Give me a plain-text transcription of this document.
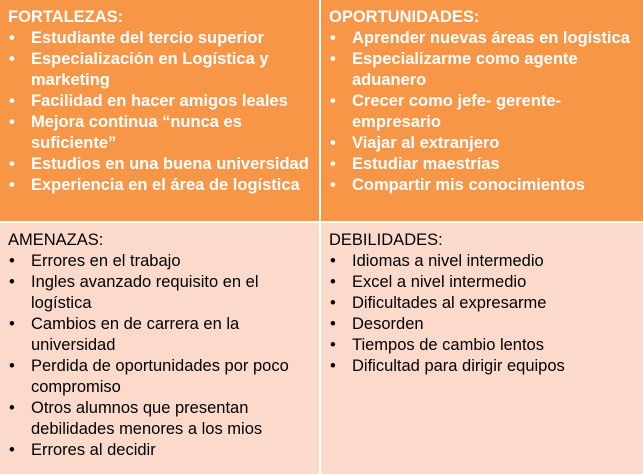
FORTALEZAS:

• Estudiante del tercio superior
• Especialización en Logística y marketing
• Facilidad en hacer amigos leales
• Mejora continua “nunca es suficiente”
• Estudios en una buena universidad
• Experiencia en el área de logística

OPORTUNIDADES:

• Aprender nuevas áreas en logística
• Especializarme como agente aduanero
• Crecer como jefe- gerente-empresario
• Viajar al extranjero
• Estudiar maestrías
• Compartir mis conocimientos

AMENAZAS:

• Errores en el trabajo
• Ingles avanzado requisito en el logística
• Cambios en de carrera en la universidad
• Perdida de oportunidades por poco compromiso
• Otros alumnos que presentan debilidades menores a los mios
• Errores al decidir

DEBILIDADES:

• Idiomas a nivel intermedio
• Excel a nivel intermedio
• Dificultades al expresarme
• Desorden
• Tiempos de cambio lentos
• Dificultad para dirigir equipos
